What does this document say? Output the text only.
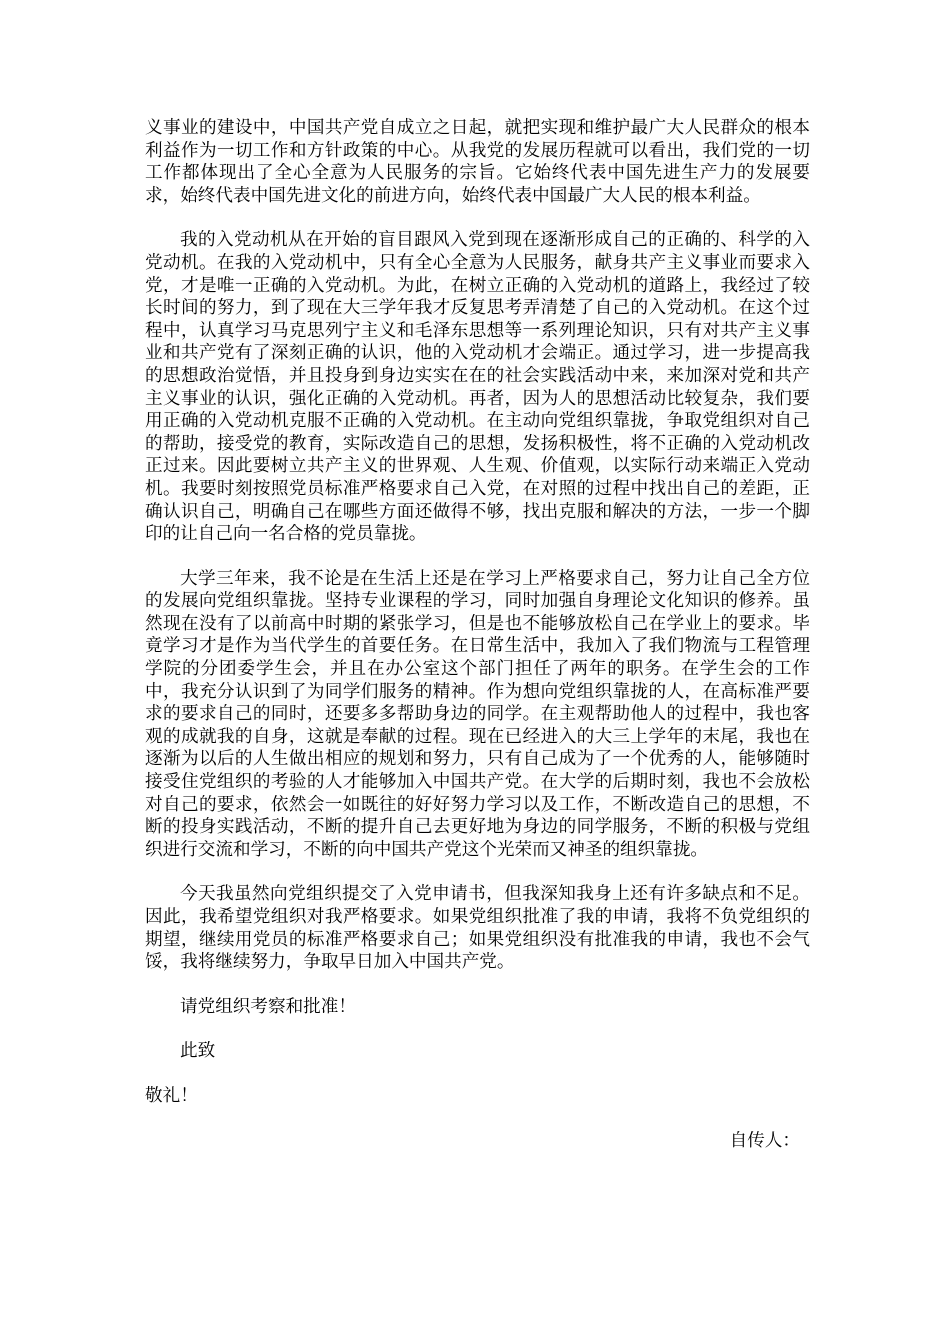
义事业的建设中，中国共产党自成立之日起，就把实现和维护最广大人民群众的根本利益作为一切工作和方针政策的中心。从我党的发展历程就可以看出，我们党的一切工作都体现出了全心全意为人民服务的宗旨。它始终代表中国先进生产力的发展要求，始终代表中国先进文化的前进方向，始终代表中国最广大人民的根本利益。

我的入党动机从在开始的盲目跟风入党到现在逐渐形成自己的正确的、科学的入党动机。在我的入党动机中，只有全心全意为人民服务，献身共产主义事业而要求入党，才是唯一正确的入党动机。为此，在树立正确的入党动机的道路上，我经过了较长时间的努力，到了现在大三学年我才反复思考弄清楚了自己的入党动机。在这个过程中，认真学习马克思列宁主义和毛泽东思想等一系列理论知识，只有对共产主义事业和共产党有了深刻正确的认识，他的入党动机才会端正。通过学习，进一步提高我的思想政治觉悟，并且投身到身边实实在在的社会实践活动中来，来加深对党和共产主义事业的认识，强化正确的入党动机。再者，因为人的思想活动比较复杂，我们要用正确的入党动机克服不正确的入党动机。在主动向党组织靠拢，争取党组织对自己的帮助，接受党的教育，实际改造自己的思想，发扬积极性，将不正确的入党动机改正过来。因此要树立共产主义的世界观、人生观、价值观，以实际行动来端正入党动机。我要时刻按照党员标准严格要求自己入党，在对照的过程中找出自己的差距，正确认识自己，明确自己在哪些方面还做得不够，找出克服和解决的方法，一步一个脚印的让自己向一名合格的党员靠拢。

大学三年来，我不论是在生活上还是在学习上严格要求自己，努力让自己全方位的发展向党组织靠拢。坚持专业课程的学习，同时加强自身理论文化知识的修养。虽然现在没有了以前高中时期的紧张学习，但是也不能够放松自己在学业上的要求。毕竟学习才是作为当代学生的首要任务。在日常生活中，我加入了我们物流与工程管理学院的分团委学生会，并且在办公室这个部门担任了两年的职务。在学生会的工作中，我充分认识到了为同学们服务的精神。作为想向党组织靠拢的人，在高标准严要求的要求自己的同时，还要多多帮助身边的同学。在主观帮助他人的过程中，我也客观的成就我的自身，这就是奉献的过程。现在已经进入的大三上学年的末尾，我也在逐渐为以后的人生做出相应的规划和努力，只有自己成为了一个优秀的人，能够随时接受住党组织的考验的人才能够加入中国共产党。在大学的后期时刻，我也不会放松对自己的要求，依然会一如既往的好好努力学习以及工作，不断改造自己的思想，不断的投身实践活动，不断的提升自己去更好地为身边的同学服务，不断的积极与党组织进行交流和学习，不断的向中国共产党这个光荣而又神圣的组织靠拢。

今天我虽然向党组织提交了入党申请书，但我深知我身上还有许多缺点和不足。因此，我希望党组织对我严格要求。如果党组织批准了我的申请，我将不负党组织的期望，继续用党员的标准严格要求自己；如果党组织没有批准我的申请，我也不会气馁，我将继续努力，争取早日加入中国共产党。

请党组织考察和批准！

此致

敬礼！

自传人：
